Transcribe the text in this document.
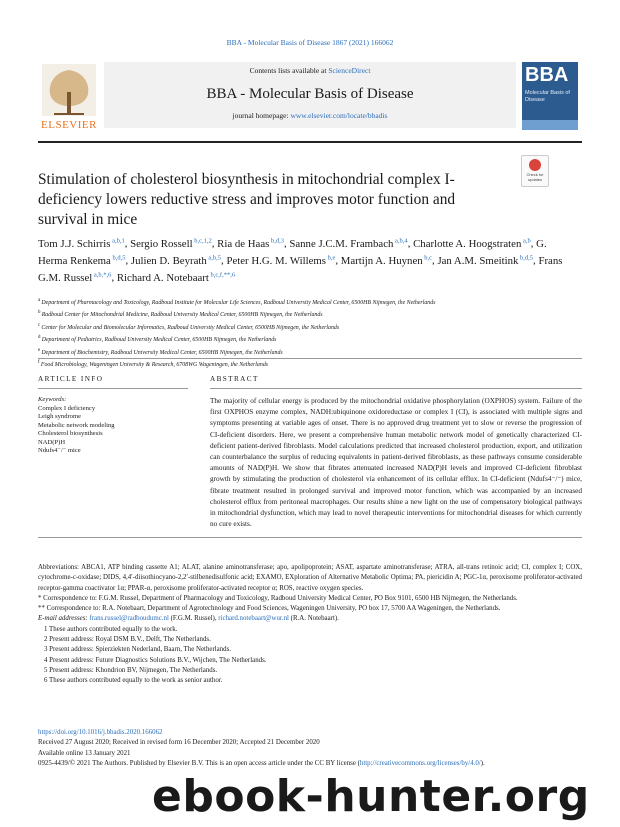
BBA - Molecular Basis of Disease 1867 (2021) 166062
ELSEVIER
Contents lists available at ScienceDirect
BBA - Molecular Basis of Disease
journal homepage: www.elsevier.com/locate/bbadis
BBA
Molecular Basis of Disease
Check for updates
Stimulation of cholesterol biosynthesis in mitochondrial complex I-deficiency lowers reductive stress and improves motor function and survival in mice
Tom J.J. Schirris $^{a,b,1}$, Sergio Rossell $^{b,c,1,2}$, Ria de Haas $^{b,d,3}$, Sanne J.C.M. Frambach $^{a,b,4}$, Charlotte A. Hoogstraten $^{a,b}$, G. Herma Renkema $^{b,d,5}$, Julien D. Beyrath $^{a,b,5}$, Peter H.G. M. Willems $^{b,e}$, Martijn A. Huynen $^{b,c}$, Jan A.M. Smeitink $^{b,d,5}$, Frans G.M. Russel $^{a,b,*,6}$, Richard A. Notebaart $^{b,c,f,**,6}$
$^a$ Department of Pharmacology and Toxicology, Radboud Institute for Molecular Life Sciences, Radboud University Medical Center, 6500HB Nijmegen, the Netherlands
$^b$ Radboud Center for Mitochondrial Medicine, Radboud University Medical Center, 6500HB Nijmegen, the Netherlands
$^c$ Center for Molecular and Biomolecular Informatics, Radboud University Medical Center, 6500HB Nijmegen, the Netherlands
$^d$ Department of Pediatrics, Radboud University Medical Center, 6500HB Nijmegen, the Netherlands
$^e$ Department of Biochemistry, Radboud University Medical Center, 6500HB Nijmegen, the Netherlands
$^f$ Food Microbiology, Wageningen University & Research, 6708WG Wageningen, the Netherlands
ARTICLE INFO
Keywords:
Complex I deficiency
Leigh syndrome
Metabolic network modeling
Cholesterol biosynthesis
NAD(P)H
Ndufs4⁻/⁻ mice
ABSTRACT
The majority of cellular energy is produced by the mitochondrial oxidative phosphorylation (OXPHOS) system. Failure of the first OXPHOS enzyme complex, NADH:ubiquinone oxidoreductase or complex I (CI), is associated with multiple signs and symptoms presenting at variable ages of onset. There is no approved drug treatment yet to slow or reverse the progression of CI-deficient disorders. Here, we present a comprehensive human metabolic network model of genetically characterized CI-deficient patient-derived fibroblasts. Model calculations predicted that increased cholesterol production, export, and utilization can counterbalance the surplus of reducing equivalents in patient-derived fibroblasts, as these pathways consume considerable amounts of NAD(P)H. We show that fibrates attenuated increased NAD(P)H levels and improved CI-deficient fibroblast growth by stimulating the production of cholesterol via enhancement of its cellular efflux. In CI-deficient (Ndufs4⁻/⁻) mice, fibrate treatment resulted in prolonged survival and improved motor function, which was accompanied by an increased cholesterol efflux from peritoneal macrophages. Our results shine a new light on the use of compensatory biological pathways in mitochondrial dysfunction, which may lead to novel therapeutic interventions for mitochondrial diseases for which currently no cure exists.
Abbreviations: ABCA1, ATP binding cassette A1; ALAT, alanine aminotransferase; apo, apolipoprotein; ASAT, aspartate aminotransferase; ATRA, all-trans retinoic acid; CI, complex I; COX, cytochrome-c-oxidase; DIDS, 4,4′-diisothiocyano-2,2′-stilbenedisulfonic acid; EXAMO, EXploration of Alternative Metabolic Optima; PA, piericidin A; PGC-1α, peroxisome proliferator-activated receptor-gamma coactivator 1α; PPAR-α, peroxisome proliferator-activated receptor α; ROS, reactive oxygen species.
* Correspondence to: F.G.M. Russel, Department of Pharmacology and Toxicology, Radboud University Medical Center, PO Box 9101, 6500 HB Nijmegen, the Netherlands.
** Correspondence to: R.A. Notebaart, Department of Agrotechnology and Food Sciences, Wageningen University, PO box 17, 5700 AA Wageningen, the Netherlands.
E-mail addresses: frans.russel@radboudumc.nl (F.G.M. Russel), richard.notebaart@wur.nl (R.A. Notebaart).
1 These authors contributed equally to the work.
2 Present address: Royal DSM B.V., Delft, The Netherlands.
3 Present address: Spierziekten Nederland, Baarn, The Netherlands.
4 Present address: Future Diagnostics Solutions B.V., Wijchen, The Netherlands.
5 Present address: Khondrion BV, Nijmegen, The Netherlands.
6 These authors contributed equally to the work as senior author.
https://doi.org/10.1016/j.bbadis.2020.166062
Received 27 August 2020; Received in revised form 16 December 2020; Accepted 21 December 2020
Available online 13 January 2021
0925-4439/© 2021 The Authors. Published by Elsevier B.V. This is an open access article under the CC BY license (http://creativecommons.org/licenses/by/4.0/).
ebook-hunter.org
